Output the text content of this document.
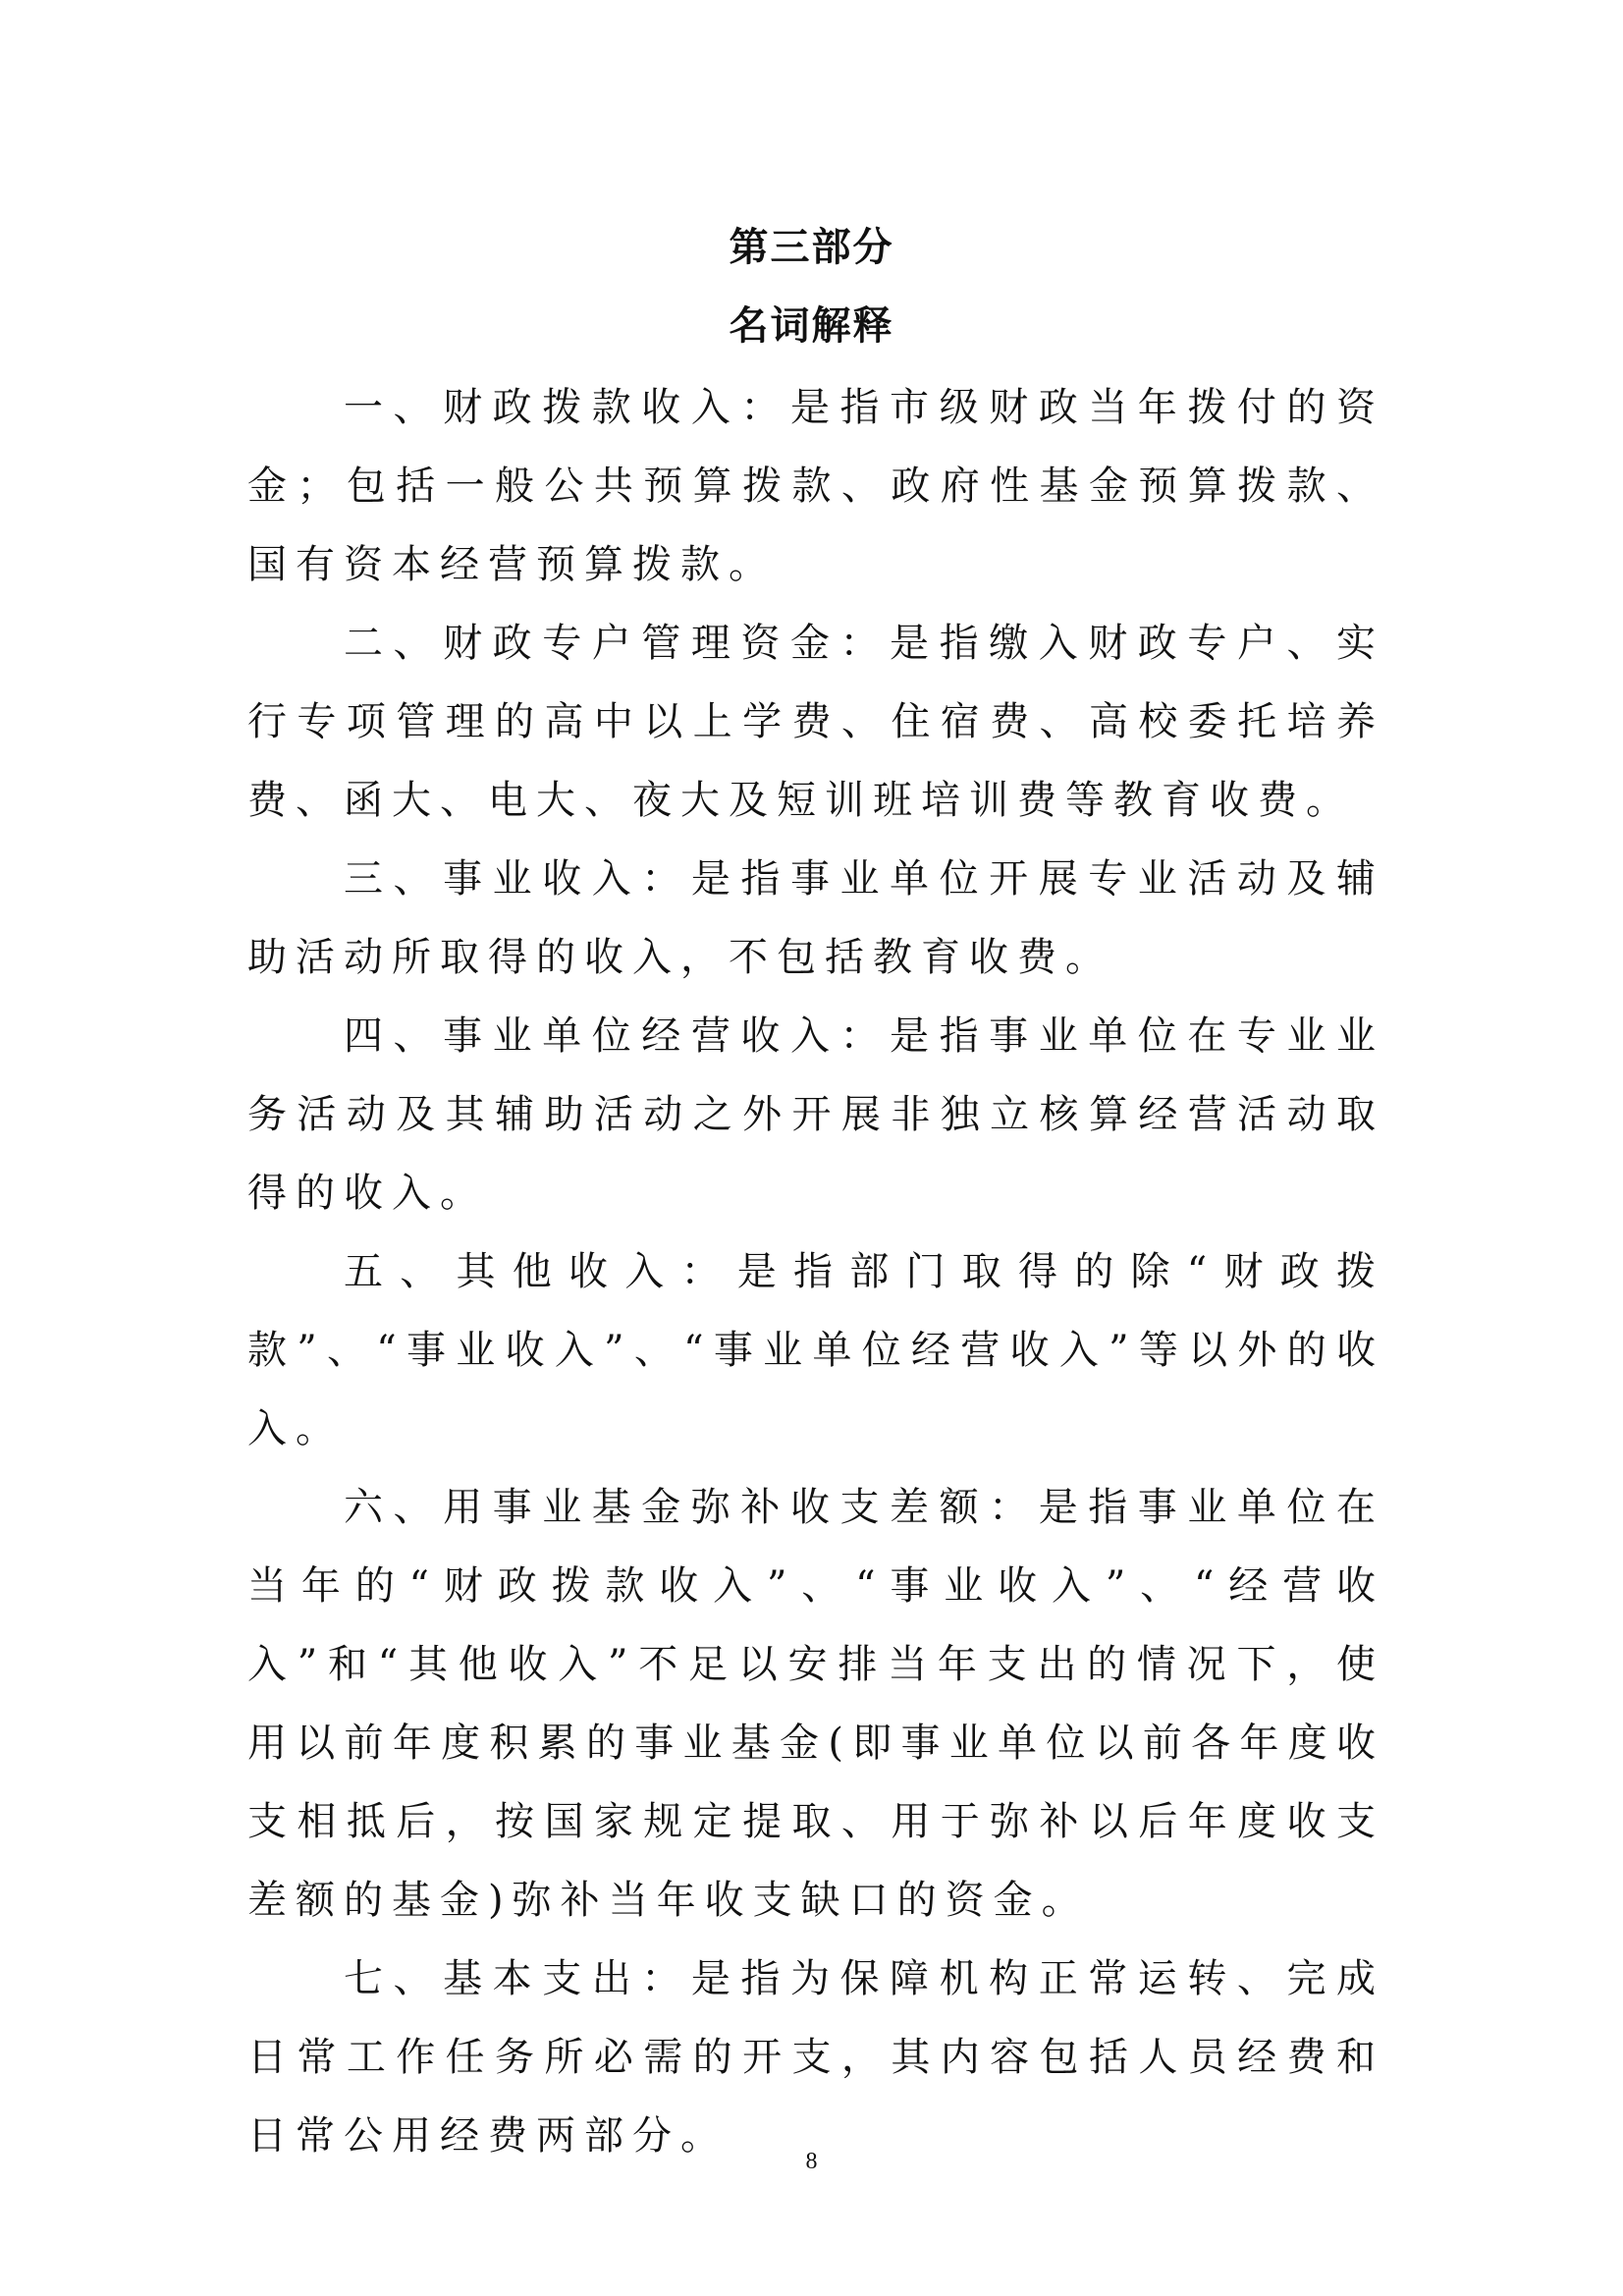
第三部分
名词解释

一、财政拨款收入：是指市级财政当年拨付的资金；包括一般公共预算拨款、政府性基金预算拨款、国有资本经营预算拨款。

二、财政专户管理资金：是指缴入财政专户、实行专项管理的高中以上学费、住宿费、高校委托培养费、函大、电大、夜大及短训班培训费等教育收费。

三、事业收入：是指事业单位开展专业活动及辅助活动所取得的收入，不包括教育收费。

四、事业单位经营收入：是指事业单位在专业业务活动及其辅助活动之外开展非独立核算经营活动取得的收入。

五、其他收入：是指部门取得的除“财政拨款”、“事业收入”、“事业单位经营收入”等以外的收入。

六、用事业基金弥补收支差额：是指事业单位在当年的“财政拨款收入”、“事业收入”、“经营收入”和“其他收入”不足以安排当年支出的情况下，使用以前年度积累的事业基金(即事业单位以前各年度收支相抵后，按国家规定提取、用于弥补以后年度收支差额的基金)弥补当年收支缺口的资金。

七、基本支出：是指为保障机构正常运转、完成日常工作任务所必需的开支，其内容包括人员经费和日常公用经费两部分。

8
